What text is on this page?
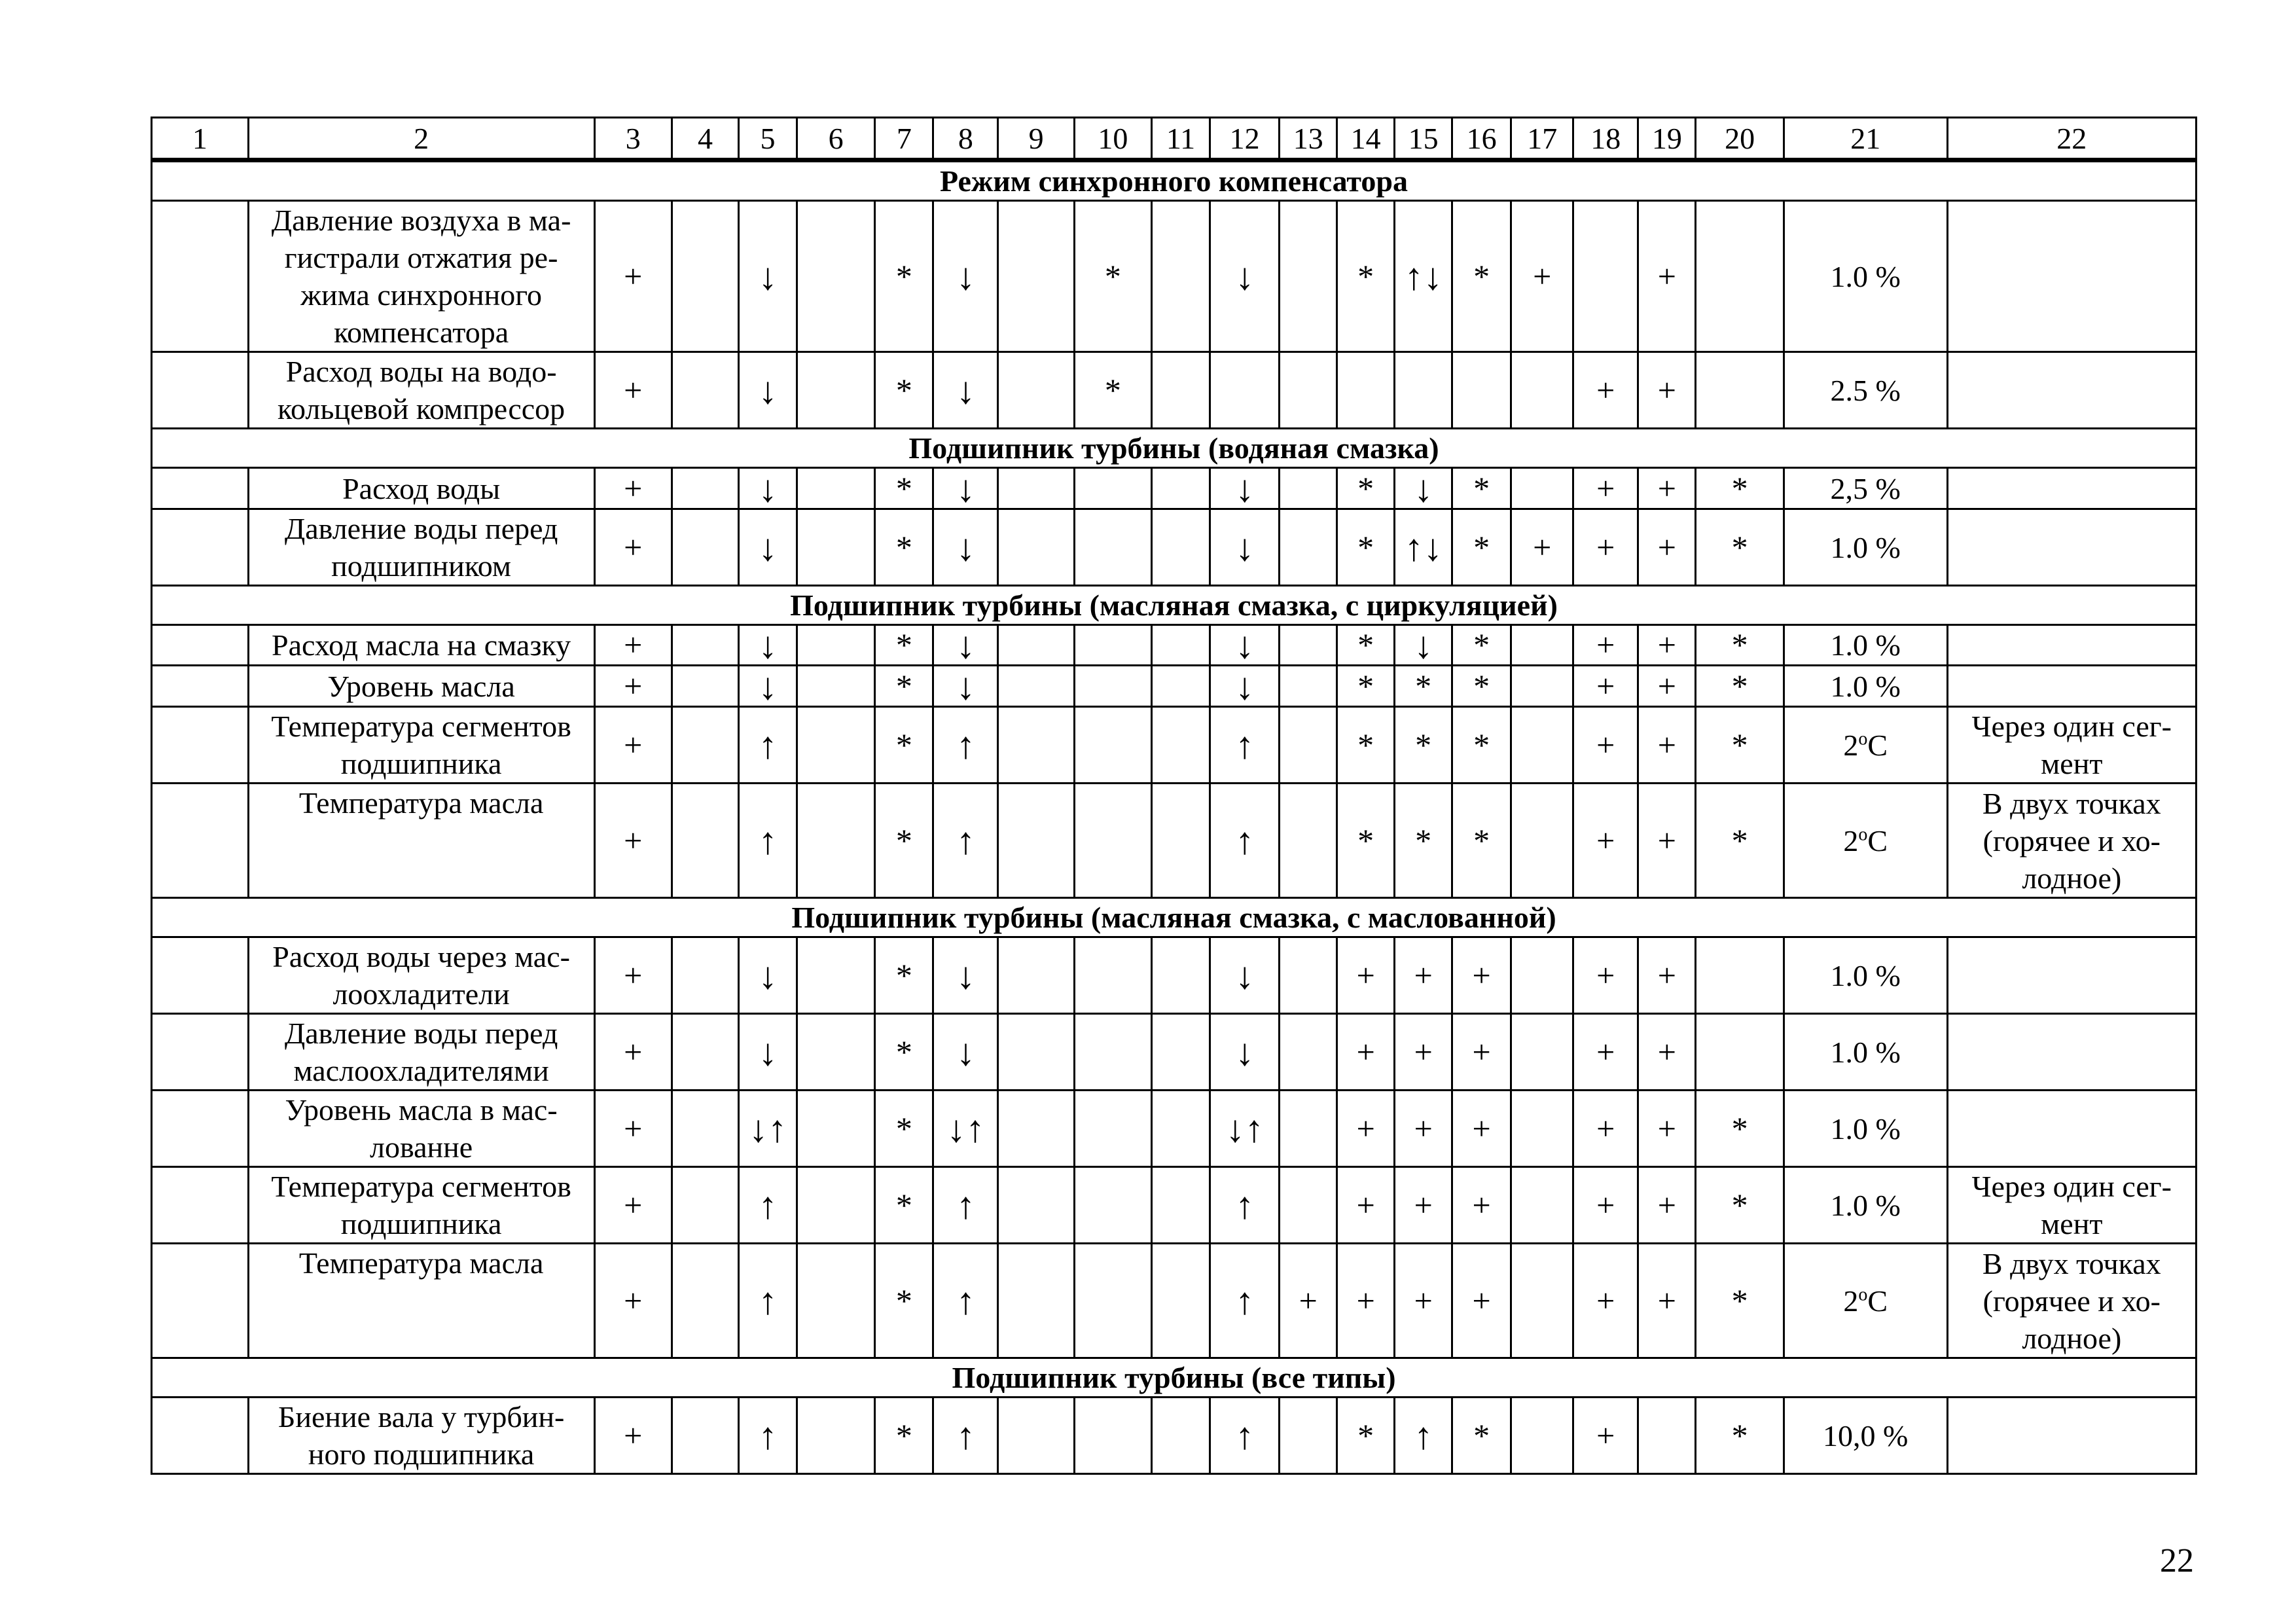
1	2	3	4	5	6	7	8	9	10	11	12	13	14	15	16	17	18	19	20	21	22
Режим синхронного компенсатора																					
	Давление воздуха в ма-
гистрали отжатия ре-
жима синхронного
компенсатора	+		↓		*	↓		*		↓		*	↑↓	*	+		+		1.0 %	
	Расход воды на водо-
кольцевой компрессор	+		↓		*	↓		*								+	+		2.5 %	
Подшипник турбины (водяная смазка)																					
	Расход воды	+		↓		*	↓				↓		*	↓	*		+	+	*	2,5 %	
	Давление воды перед
подшипником	+		↓		*	↓				↓		*	↑↓	*	+	+	+	*	1.0 %	
Подшипник турбины (масляная смазка, с циркуляцией)																					
	Расход масла на смазку	+		↓		*	↓				↓		*	↓	*		+	+	*	1.0 %	
	Уровень масла	+		↓		*	↓				↓		*	*	*		+	+	*	1.0 %	
	Температура сегментов
подшипника	+		↑		*	↑				↑		*	*	*		+	+	*	2$^o$C	Через один сег-
мент
	Температура масла	+		↑		*	↑				↑		*	*	*		+	+	*	2$^o$C	В двух точках
(горячее и хо-
лодное)
Подшипник турбины (масляная смазка, с маслованной)																					
	Расход воды через мас-
лоохладители	+		↓		*	↓				↓		+	+	+		+	+		1.0 %	
	Давление воды перед
маслоохладителями	+		↓		*	↓				↓		+	+	+		+	+		1.0 %	
	Уровень масла в мас-
лованне	+		↓↑		*	↓↑				↓↑		+	+	+		+	+	*	1.0 %	
	Температура сегментов
подшипника	+		↑		*	↑				↑		+	+	+		+	+	*	1.0 %	Через один сег-
мент
	Температура масла	+		↑		*	↑				↑	+	+	+	+		+	+	*	2$^o$C	В двух точках
(горячее и хо-
лодное)
Подшипник турбины (все типы)																					
	Биение вала у турбин-
ного подшипника	+		↑		*	↑				↑		*	↑	*		+		*	10,0 %	
22
